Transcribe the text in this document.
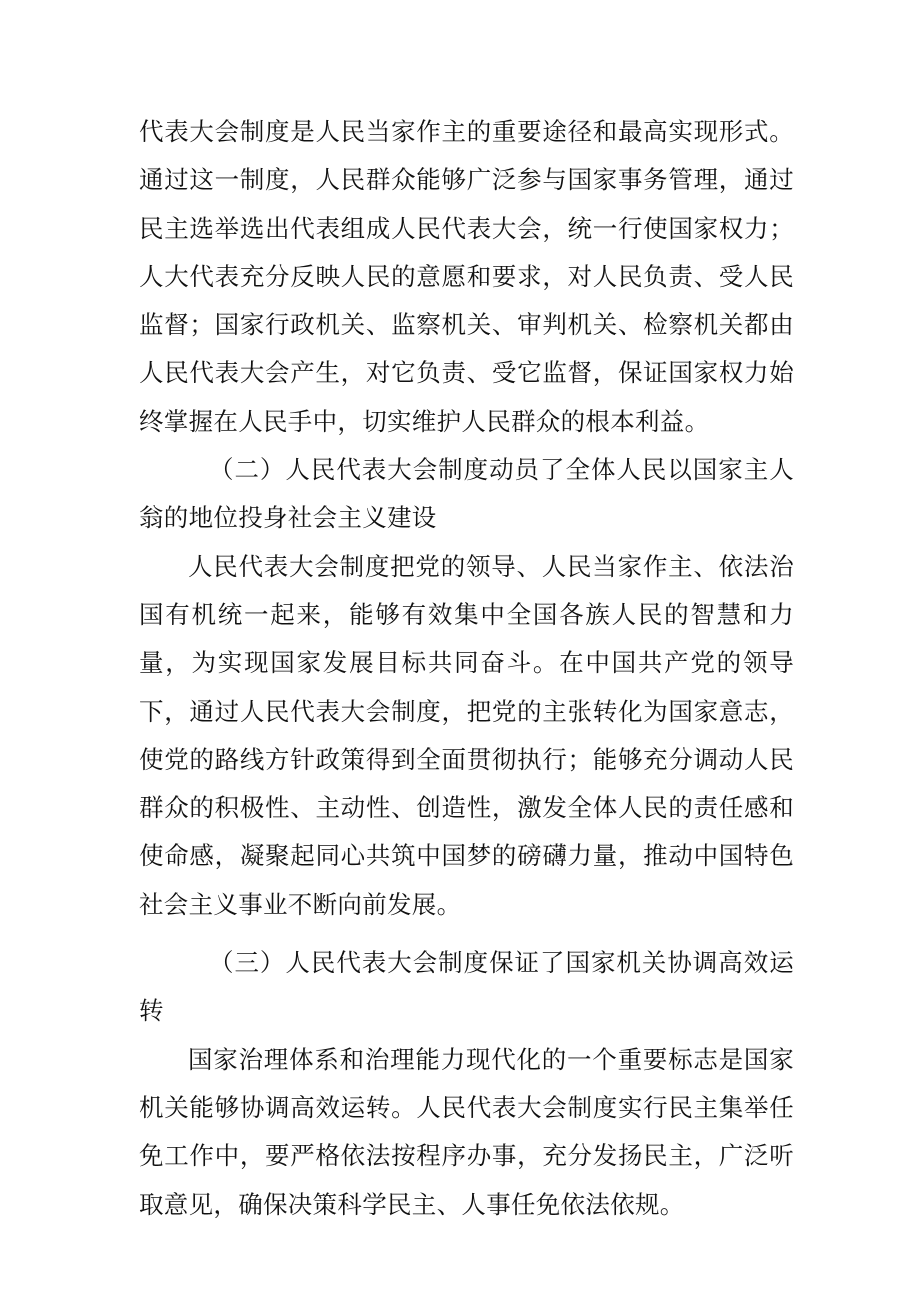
代表大会制度是人民当家作主的重要途径和最高实现形式。通过这一制度，人民群众能够广泛参与国家事务管理，通过民主选举选出代表组成人民代表大会，统一行使国家权力；人大代表充分反映人民的意愿和要求，对人民负责、受人民监督；国家行政机关、监察机关、审判机关、检察机关都由人民代表大会产生，对它负责、受它监督，保证国家权力始终掌握在人民手中，切实维护人民群众的根本利益。

（二）人民代表大会制度动员了全体人民以国家主人翁的地位投身社会主义建设

人民代表大会制度把党的领导、人民当家作主、依法治国有机统一起来，能够有效集中全国各族人民的智慧和力量，为实现国家发展目标共同奋斗。在中国共产党的领导下，通过人民代表大会制度，把党的主张转化为国家意志，使党的路线方针政策得到全面贯彻执行；能够充分调动人民群众的积极性、主动性、创造性，激发全体人民的责任感和使命感，凝聚起同心共筑中国梦的磅礴力量，推动中国特色社会主义事业不断向前发展。

（三）人民代表大会制度保证了国家机关协调高效运转

国家治理体系和治理能力现代化的一个重要标志是国家机关能够协调高效运转。人民代表大会制度实行民主集举任免工作中，要严格依法按程序办事，充分发扬民主，广泛听取意见，确保决策科学民主、人事任免依法依规。
